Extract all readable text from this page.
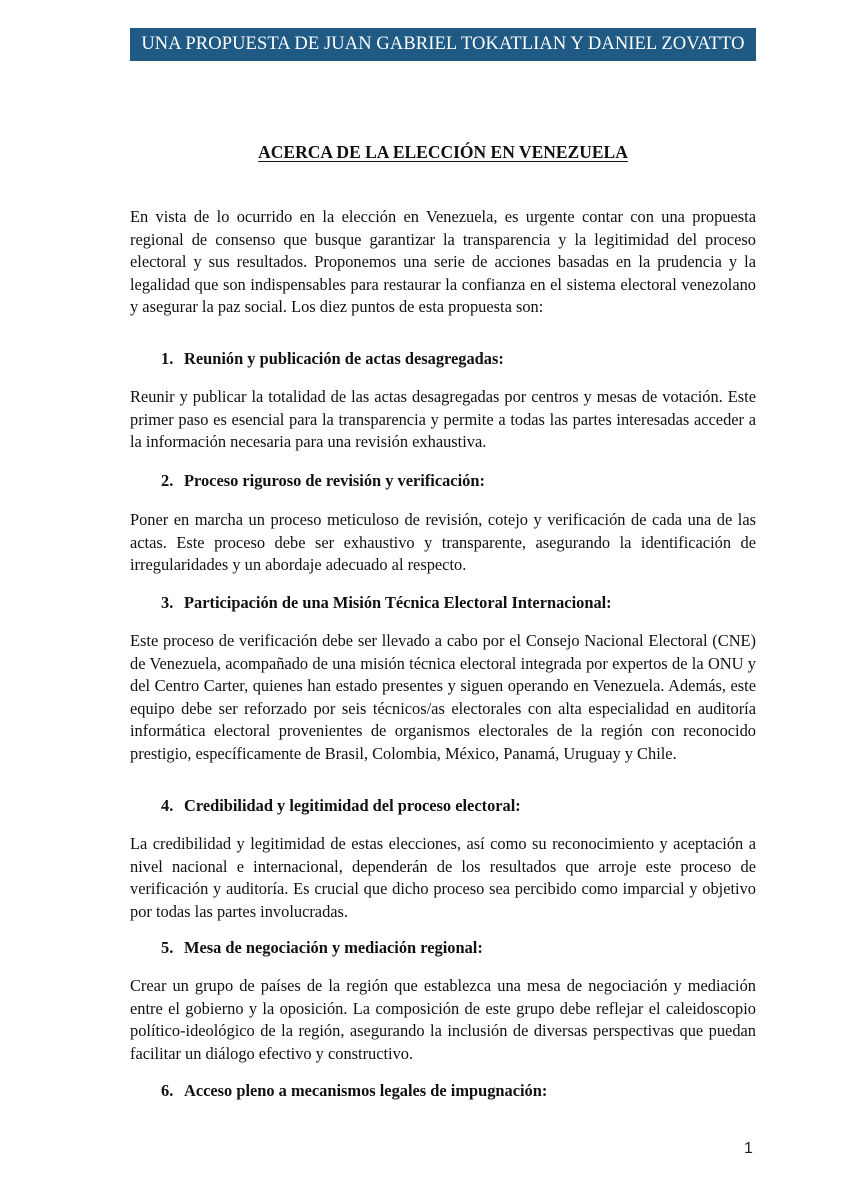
UNA PROPUESTA DE JUAN GABRIEL TOKATLIAN Y DANIEL ZOVATTO
ACERCA DE LA ELECCIÓN EN VENEZUELA

En vista de lo ocurrido en la elección en Venezuela, es urgente contar con una propuesta regional de consenso que busque garantizar la transparencia y la legitimidad del proceso electoral y sus resultados. Proponemos una serie de acciones basadas en la prudencia y la legalidad que son indispensables para restaurar la confianza en el sistema electoral venezolano y asegurar la paz social. Los diez puntos de esta propuesta son:

1. Reunión y publicación de actas desagregadas:

Reunir y publicar la totalidad de las actas desagregadas por centros y mesas de votación. Este primer paso es esencial para la transparencia y permite a todas las partes interesadas acceder a la información necesaria para una revisión exhaustiva.

2. Proceso riguroso de revisión y verificación:

Poner en marcha un proceso meticuloso de revisión, cotejo y verificación de cada una de las actas. Este proceso debe ser exhaustivo y transparente, asegurando la identificación de irregularidades y un abordaje adecuado al respecto.

3. Participación de una Misión Técnica Electoral Internacional:

Este proceso de verificación debe ser llevado a cabo por el Consejo Nacional Electoral (CNE) de Venezuela, acompañado de una misión técnica electoral integrada por expertos de la ONU y del Centro Carter, quienes han estado presentes y siguen operando en Venezuela. Además, este equipo debe ser reforzado por seis técnicos/as electorales con alta especialidad en auditoría informática electoral provenientes de organismos electorales de la región con reconocido prestigio, específicamente de Brasil, Colombia, México, Panamá, Uruguay y Chile.

4. Credibilidad y legitimidad del proceso electoral:

La credibilidad y legitimidad de estas elecciones, así como su reconocimiento y aceptación a nivel nacional e internacional, dependerán de los resultados que arroje este proceso de verificación y auditoría. Es crucial que dicho proceso sea percibido como imparcial y objetivo por todas las partes involucradas.

5. Mesa de negociación y mediación regional:

Crear un grupo de países de la región que establezca una mesa de negociación y mediación entre el gobierno y la oposición. La composición de este grupo debe reflejar el caleidoscopio político-ideológico de la región, asegurando la inclusión de diversas perspectivas que puedan facilitar un diálogo efectivo y constructivo.

6. Acceso pleno a mecanismos legales de impugnación:
1
